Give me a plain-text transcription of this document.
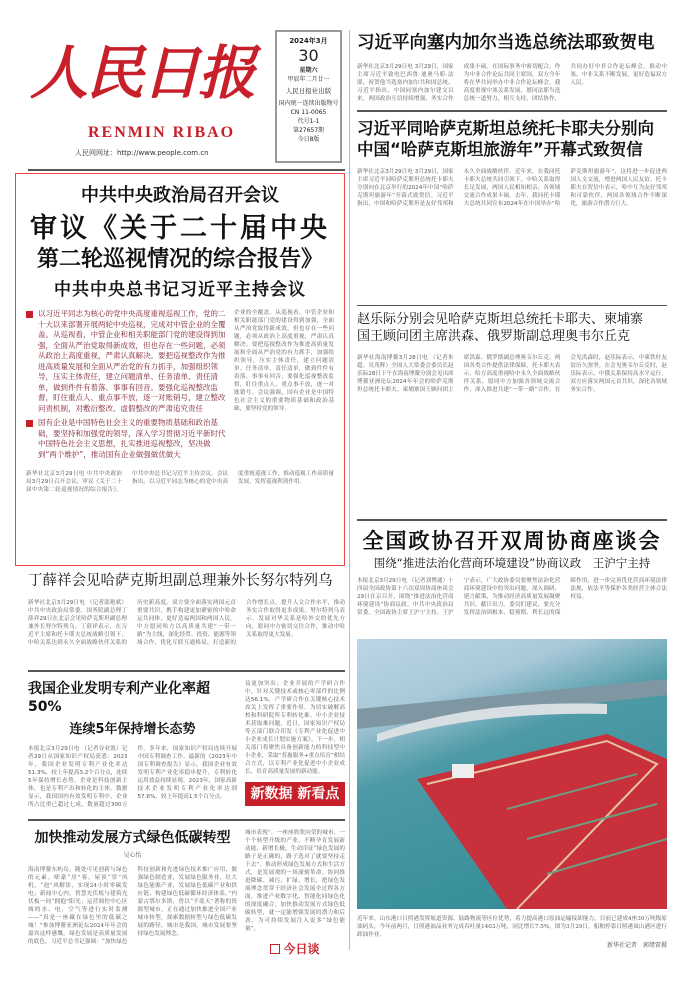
人民日报
RENMIN RIBAO
人民网网址：http://www.people.com.cn
2024年3月
30
星期六
甲辰年二月廿一
人民日报社出版
国内统一连续出版物号
CN 11-0065
代号1-1
第27657期
今日8版
中共中央政治局召开会议
审议《关于二十届中央
第二轮巡视情况的综合报告》
中共中央总书记习近平主持会议

以习近平同志为核心的党中央高度重视巡视工作，党的二十大以来部署开展两轮中央巡视，完成对中管企业的全覆盖。从巡视看，中管企业和相关职能部门党的建设得到加强，全面从严治党取得新成效，但也存在一些问题，必须从政治上高度重视，严肃认真解决。要把巡视整改作为推进高质量发展和全面从严治党的有力抓手，加强组织领导，压实主体责任，建立问题清单、任务清单、责任清单，做到件件有着落、事事有回音。要强化巡视整改监督，盯住重点人、重点事不放，逐一对账销号，建立整改问责机制，对敷衍整改、虚假整改的严肃追究责任

国有企业是中国特色社会主义的重要物质基础和政治基础，要坚持和加强党的领导，深入学习贯彻习近平新时代中国特色社会主义思想，扎实推进巡视整改，坚决做到“两个维护”，推动国有企业做强做优做大

企业的全覆盖。从巡视看，中管企业和相关职能部门党的建设得到加强，全面从严治党取得新成效，但也存在一些问题，必须从政治上高度重视，严肃认真解决。要把巡视整改作为推进高质量发展和全面从严治党的有力抓手，加强组织领导，压实主体责任，建立问题清单、任务清单、责任清单，做到件件有着落、事事有回音。要强化巡视整改监督，盯住重点人、重点事不放，逐一对账销号。会议强调，国有企业是中国特色社会主义的重要物质基础和政治基础，要坚持党的领导。
新华社北京3月29日电 中共中央政治局3月29日召开会议，审议《关于二十届中央第二轮巡视情况的综合报告》。中共中央总书记习近平主持会议。会议指出，以习近平同志为核心的党中央高度重视巡视工作，推动巡视工作高质量发展，发挥巡视利剑作用。
丁薛祥会见哈萨克斯坦副总理兼外长努尔特列乌
新华社北京3月29日电 （记者邵艳斌）中共中央政治局常委、国务院副总理丁薛祥29日在北京会见哈萨克斯坦副总理兼外长努尔特列乌。丁薛祥表示，在习近平主席和托卡耶夫总统战略引领下，中哈关系达到永久全面战略伙伴关系的历史新高度。双方要全面落实两国元首重要共识，携手构建更加紧密的中哈命运共同体，更好造福两国和两国人民。中方愿同哈方以高质量共建“一带一路”为主线，深化经贸、投资、能源等领域合作，优化互联互通格局，打造新的合作增长点，提升人文合作水平，推动务实合作取得更多成果。努尔特列乌表示，发展对华关系是哈外交的优先方向，愿同中方密切交往合作，推动中哈关系取得更大发展。
我国企业发明专利产业化率超50%
连续5年保持增长态势
本报北京3月29日电 （记者谷业凯）记者29日从国家知识产权局获悉：2023年，我国企业发明专利产业化率达51.3%，较上年提高3.2个百分点，连续5年保持增长态势。企业是科技创新主体，也是专利产出和转化的主体。数据显示，我国国内有效发明专利中，企业所占比重已超过七成，数量超过300万件。多年来，国家知识产权局连续开展中国专利调查工作。最新的《2023年中国专利调查报告》显示，我国企业有效发明专利产业化率稳步提升，专利转化运用效益持续显现。2023年，国家高新技术企业发明专利产业化率达到57.6%，较上年提高1.5个百分点。
益更加突出；企业开展的产学研合作中，针对关键技术或核心零部件的比例达56.1%，产学研合作在关键核心技术攻关上发挥了重要作用。为切实破解高校和科研院所专利转化难、中小企业技术获取难问题，近日，国家知识产权局等五部门联合印发《专利产业化促进中小企业成长计划实施方案》。下一步，相关部门将聚焦具备创新能力的科技型中小企业，采取“普惠服务+重点培育”相结合方式，以专利产业化促进中小企业成长，培育高质量发展的新动能。
新数据 新看点
加快推动发展方式绿色低碳转型
吴心怡
海南博鳌东屿岛，随处可见创新与绿色的元素。嘭豪“房”客，屋顶“穿”风机，“泡”风解诊，实现24小时零碳发电；新闻中心内，智慧光伏板与建筑光伏板一同“拥抱”阳光；运营调控中心区域的水、电、空气等进行实时监测——“真是一座藏在绿色里的低碳之城！”参加博鳌亚洲论坛2024年年会的嘉宾这样感慨。绿色发展是高质量发展的底色。习近平总书记强调：“加快绿色科技创新和先进绿色技术推广应用，做强绿色制造业，发展绿色服务业，壮大绿色能源产业，发展绿色低碳产业和供应链，构建绿色低碳循环经济体系。”内蒙古鄂尔多斯，曾以“不蓝天”著称的资源型城市，正在通过加快推进全国产业城市转型，探索数据转型与绿色低碳发展的路径。城市是我国，城市发展要坚持绿色发展理念。
城市表现”。一座座欣欣向荣的城市、一个个转型升级的产业，不断孕育发展新动能、新增长极，生动印证“绿色发展的路子是正确的，路子选对了就要坚持走下去”。推动形成绿色发展方式和生活方式，是发展观的一场深刻革命。协同推进降碳、减污、扩绿、增长，把绿色发展理念贯穿于经济社会发展全过程各方面，推进产业数字化、智能化同绿色化的深度融合，加快推动发展方式绿色低碳转型，就一定能增强发展的潜力和后劲，为可持续发展注入更多“绿色能量”。
今日谈
习近平向塞内加尔当选总统法耶致贺电
新华社北京3月29日电 3月29日，国家主席习近平致电巴西鲁·迪奥马耶·法耶，祝贺他当选塞内加尔共和国总统。习近平指出，中国同塞内加尔建交以来，两国政治互信持续增强，务实合作成果丰硕，在国际事务中密切配合。作为中非合作论坛共同主席国，双方今年将在华共同举办中非合作论坛峰会。我高度重视中塞关系发展，愿同法耶当选总统一道努力，相互支持，团结协作，共同办好中非合作论坛峰会，推动中塞、中非关系不断发展，更好造福双方人民。
习近平同哈萨克斯坦总统托卡耶夫分别向
中国“哈萨克斯坦旅游年”开幕式致贺信
新华社北京3月29日电 3月29日，国家主席习近平同哈萨克斯坦总统托卡耶夫分别向在北京举行的2024年中国“哈萨克斯坦旅游年”开幕式致贺信。习近平指出，中国和哈萨克斯坦是友好邻邦和永久全面战略伙伴。近年来，在我同托卡耶夫总统共同引领下，中哈关系取得长足发展，两国人民相知相亲，各领域交流合作成果丰硕。去年，我同托卡耶夫总统共同宣布2024年在中国举办“哈萨克斯坦旅游年”，这将进一步促进两国人文交流，增进两国人民友谊。托卡耶夫在贺信中表示，哈中互为友好邻邦和可靠伙伴，两国各领域合作不断深化，旅游合作潜力巨大。
赵乐际分别会见哈萨克斯坦总统托卡耶夫、柬埔寨
国王顾问团主席洪森、俄罗斯副总理奥韦尔丘克
新华社海南博鳌3月28日电 （记者朱超、吴茂辉）全国人大常委会委员长赵乐际28日下午在海南博鳌分别会见出席博鳌亚洲论坛2024年年会的哈萨克斯坦总统托卡耶夫、柬埔寨国王顾问团主席洪森、俄罗斯副总理奥韦尔丘克。两国各类合作提供法律保障。托卡耶夫表示，哈方高度重视哈中永久全面战略伙伴关系，愿同中方加强各领域交流合作，深入推进共建“一带一路”合作。在会见洪森时，赵乐际表示，中柬铁杆友谊历久弥坚。在会见奥韦尔丘克时，赵乐际表示，中俄关系保持高水平运行，双方应落实两国元首共识，深化各领域务实合作。
全国政协召开双周协商座谈会
围绕“推进法治化营商环境建设”协商议政　王沪宁主持
本报北京3月29日电 （记者刘博通）十四届全国政协第十六次双周协商座谈会29日在京召开，围绕“推进法治化营商环境建设”协商议政。中共中央政治局常委、全国政协主席王沪宁主持。王沪宁表示，广大政协委员要聚焦法治化营商环境建设中的突出问题，深入调研，建言献策，为推动经济高质量发展凝聚共识、献计出力。委员们建议，要充分发挥法治固根本、稳预期、利长远的保障作用，进一步完善优化营商环境法律法规，依法平等保护各类经营主体合法权益。
近年来，山东港口日照港发挥航道资源、陆路物流等区位优势，着力提高港口原油运输接卸能力，目前已建成4座30万吨级原油码头。今年前两月，日照港油品业务完成吞吐量1403万吨，同比增长7.5%。图为3月29日，船舶停靠日照港岚山港区进行卸油作业。
新华社记者　郭绪雷摄
